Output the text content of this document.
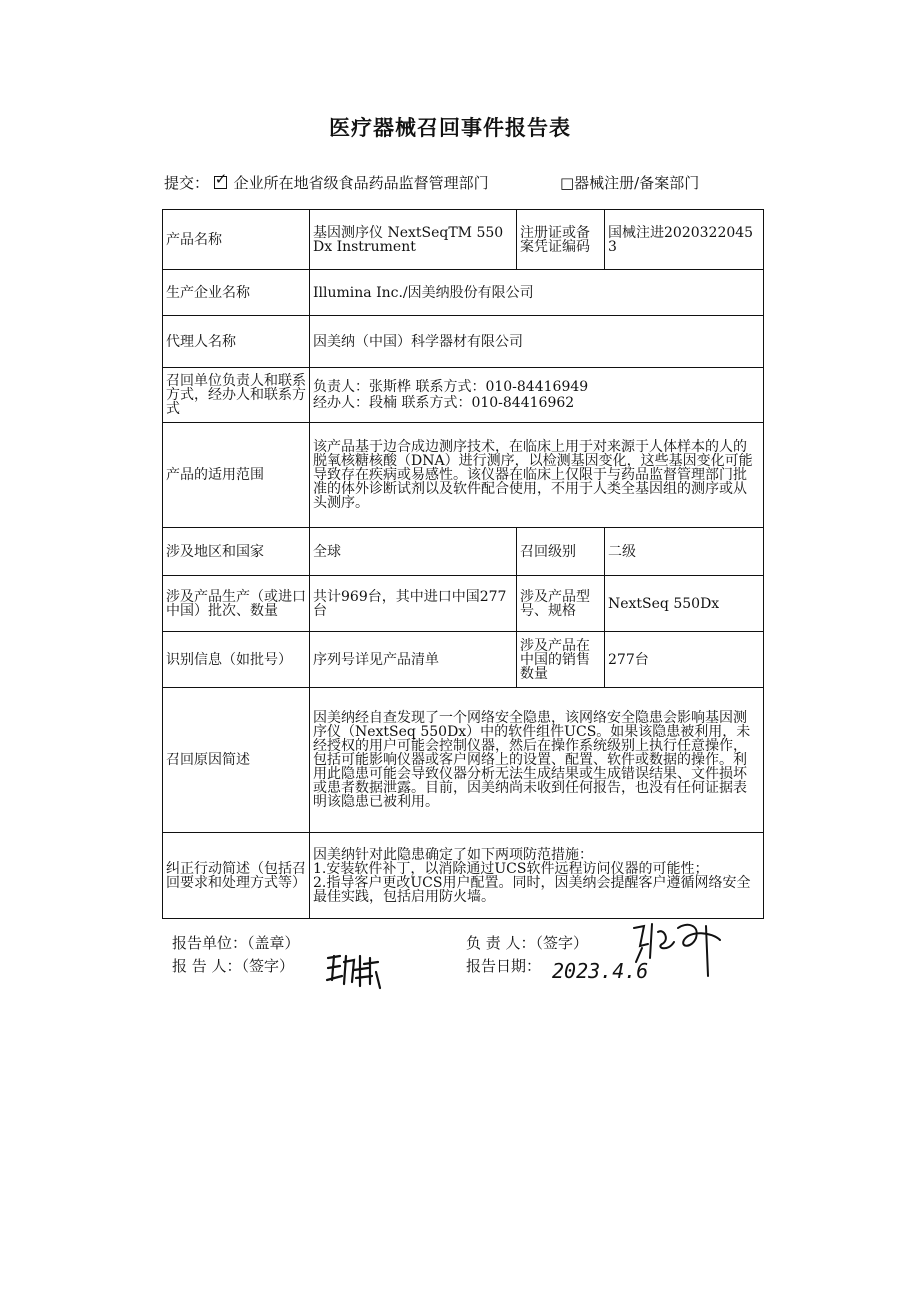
医疗器械召回事件报告表
提交： ✓ 企业所在地省级食品药品监督管理部门	□器械注册/备案部门
产品名称	基因测序仪 NextSeqTM 550Dx Instrument	注册证或备案凭证编码	国械注进20203220453
生产企业名称	Illumina Inc./因美纳股份有限公司		
代理人名称	因美纳（中国）科学器材有限公司		
召回单位负责人和联系方式，经办人和联系方式	负责人：张斯桦 联系方式：010-84416949
经办人：段楠 联系方式：010-84416962		

产品的适用范围	该产品基于边合成边测序技术，在临床上用于对来源于人体样本的人的脱氧核糖核酸（DNA）进行测序，以检测基因变化，这些基因变化可能导致存在疾病或易感性。该仪器在临床上仅限于与药品监督管理部门批准的体外诊断试剂以及软件配合使用，不用于人类全基因组的测序或从头测序。		
涉及地区和国家	全球	召回级别	二级
涉及产品生产（或进口中国）批次、数量	共计969台，其中进口中国277台	涉及产品型号、规格	NextSeq 550Dx
识别信息（如批号）	序列号详见产品清单	涉及产品在中国的销售数量	277台
召回原因简述	因美纳经自查发现了一个网络安全隐患，该网络安全隐患会影响基因测序仪（NextSeq 550Dx）中的软件组件UCS。如果该隐患被利用，未经授权的用户可能会控制仪器，然后在操作系统级别上执行任意操作，包括可能影响仪器或客户网络上的设置、配置、软件或数据的操作。利用此隐患可能会导致仪器分析无法生成结果或生成错误结果、文件损坏或患者数据泄露。目前，因美纳尚未收到任何报告，也没有任何证据表明该隐患已被利用。		
纠正行动简述（包括召回要求和处理方式等）	因美纳针对此隐患确定了如下两项防范措施：
1.安装软件补丁，以消除通过UCS软件远程访问仪器的可能性；
2.指导客户更改UCS用户配置。同时，因美纳会提醒客户遵循网络安全最佳实践，包括启用防火墙。		
报告单位：（盖章）
报 告 人：（签字）
负 责 人：（签字）
报告日期： 2023.4.6
